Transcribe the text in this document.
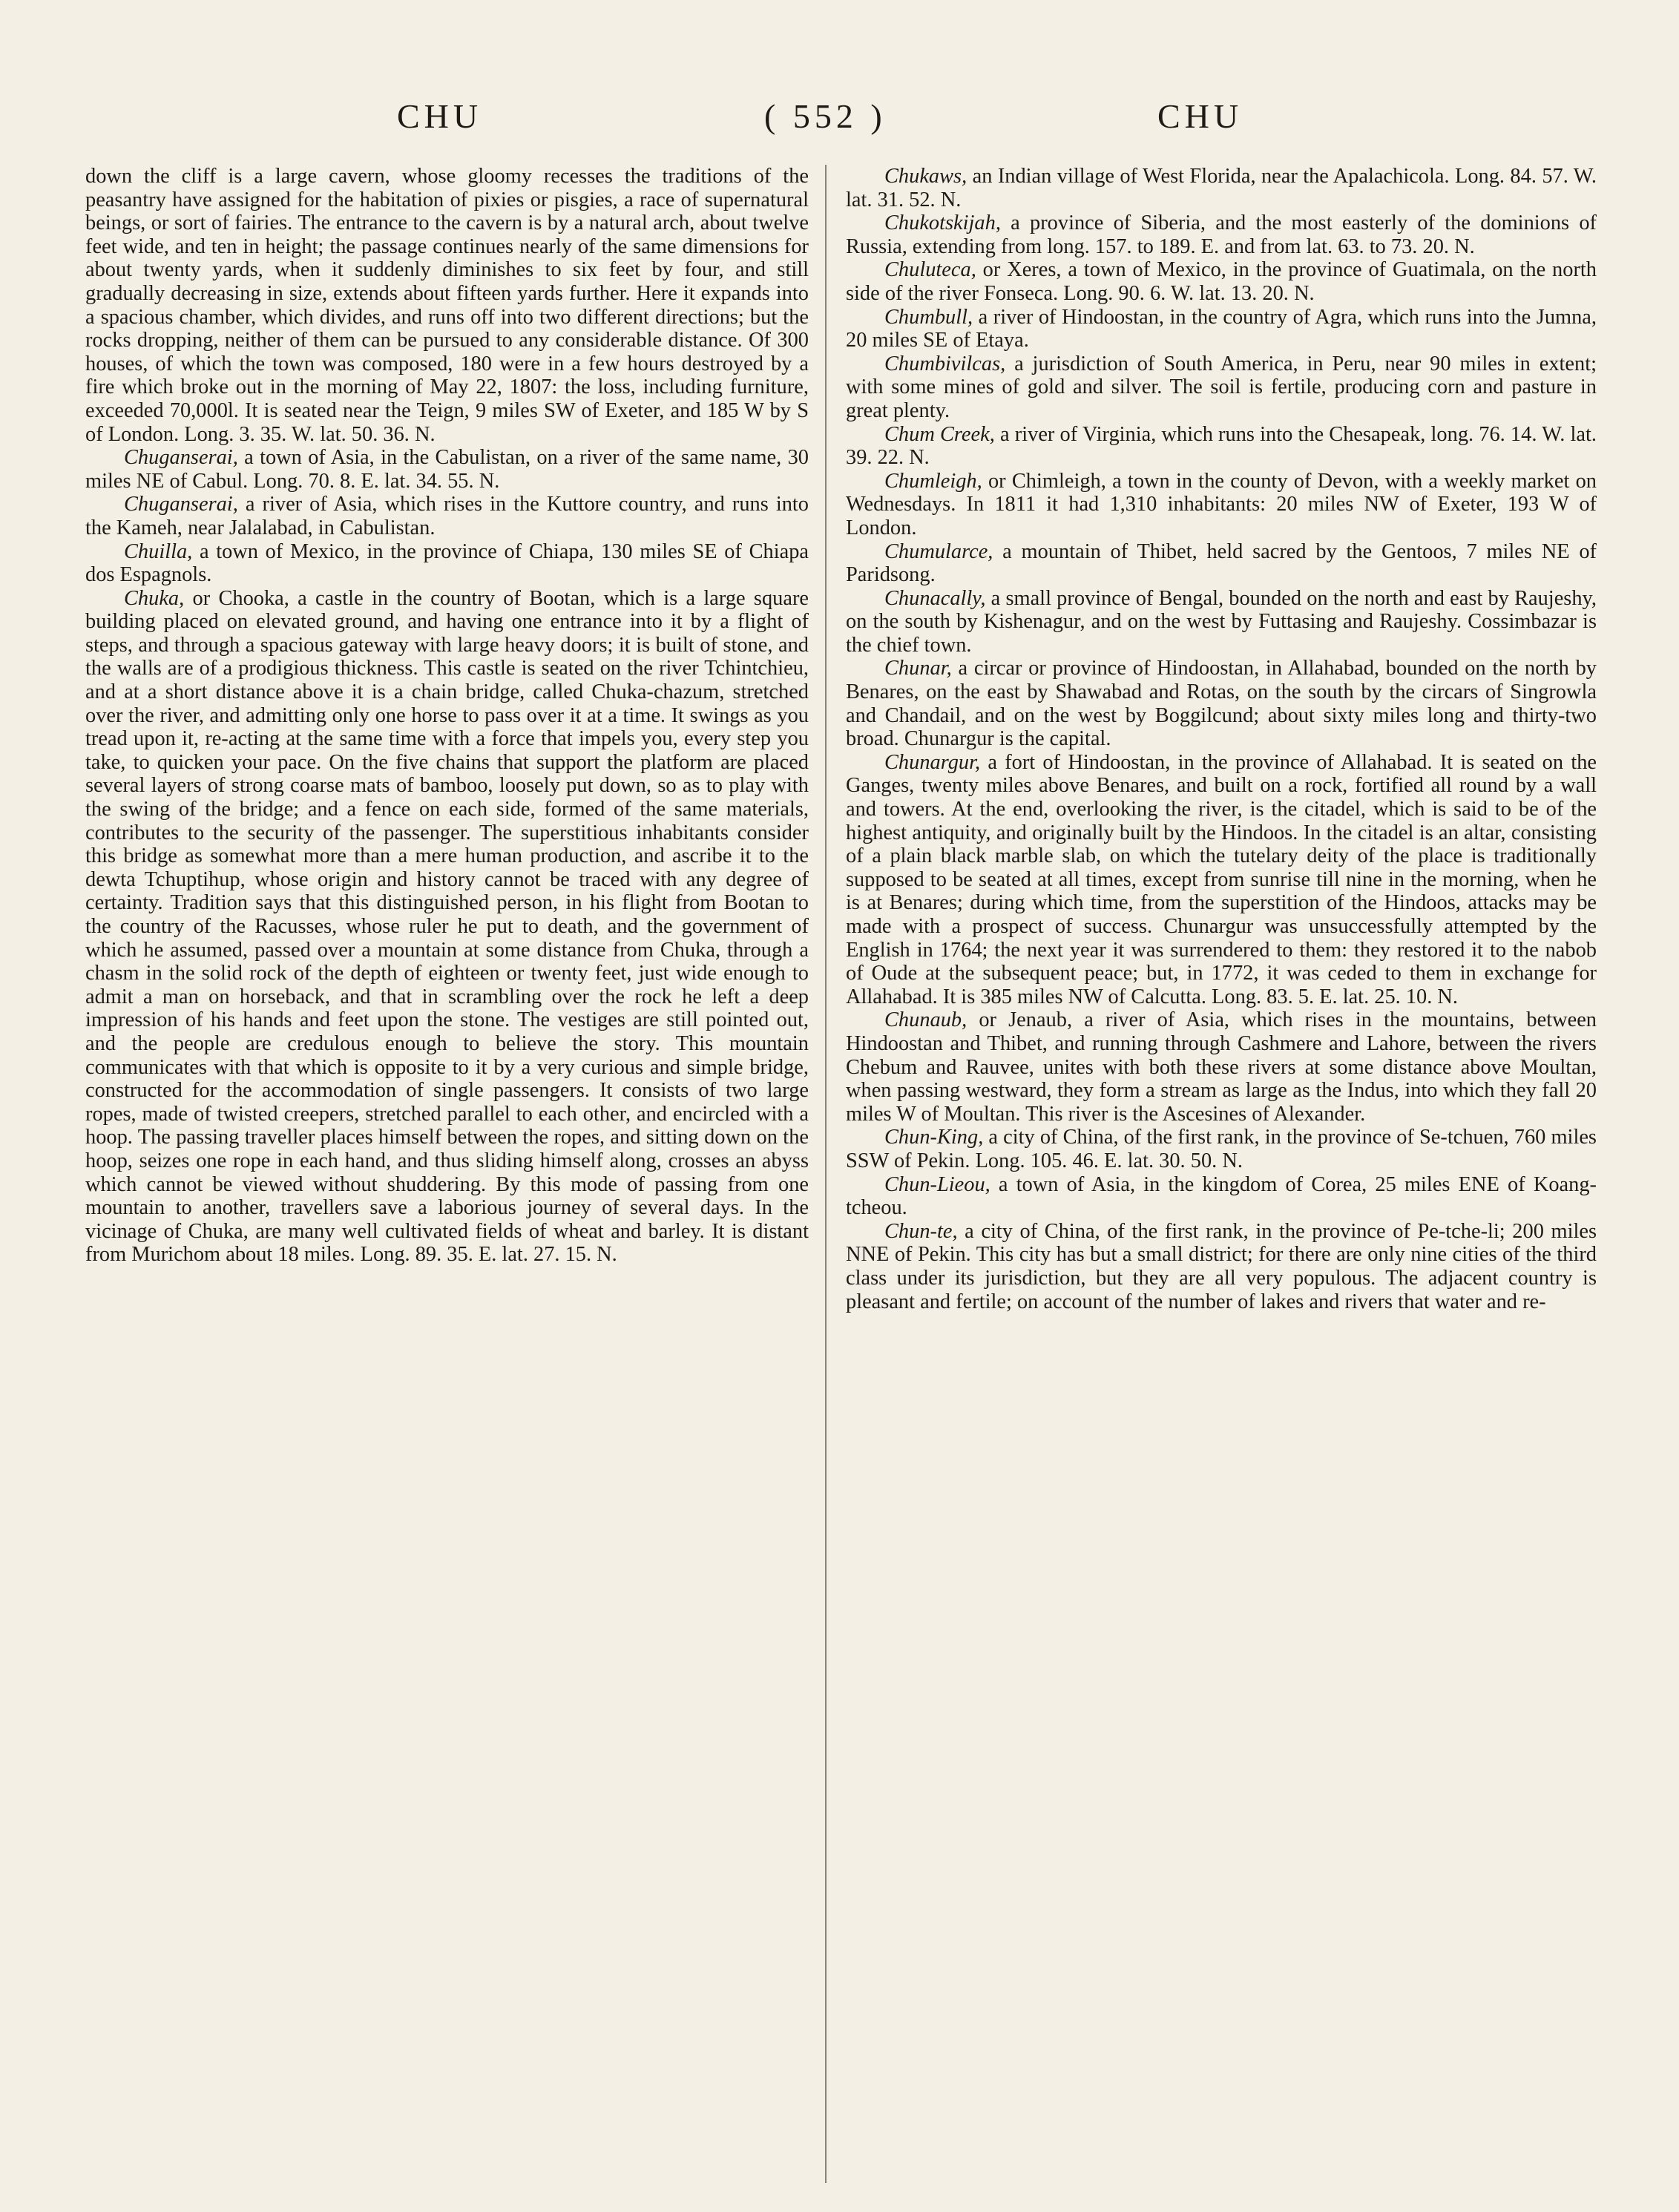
CHU	( 552 )	CHU

down the cliff is a large cavern, whose gloomy recesses the traditions of the peasantry have assigned for the habitation of pixies or pisgies, a race of supernatural beings, or sort of fairies. The entrance to the cavern is by a natural arch, about twelve feet wide, and ten in height; the passage continues nearly of the same dimensions for about twenty yards, when it suddenly diminishes to six feet by four, and still gradually decreasing in size, extends about fifteen yards further. Here it expands into a spacious chamber, which divides, and runs off into two different directions; but the rocks dropping, neither of them can be pursued to any considerable distance. Of 300 houses, of which the town was composed, 180 were in a few hours destroyed by a fire which broke out in the morning of May 22, 1807: the loss, including furniture, exceeded 70,000l. It is seated near the Teign, 9 miles SW of Exeter, and 185 W by S of London. Long. 3. 35. W. lat. 50. 36. N.

Chuganserai, a town of Asia, in the Cabulistan, on a river of the same name, 30 miles NE of Cabul. Long. 70. 8. E. lat. 34. 55. N.

Chuganserai, a river of Asia, which rises in the Kuttore country, and runs into the Kameh, near Jalalabad, in Cabulistan.

Chuilla, a town of Mexico, in the province of Chiapa, 130 miles SE of Chiapa dos Espagnols.

Chuka, or Chooka, a castle in the country of Bootan, which is a large square building placed on elevated ground, and having one entrance into it by a flight of steps, and through a spacious gateway with large heavy doors; it is built of stone, and the walls are of a prodigious thickness. This castle is seated on the river Tchintchieu, and at a short distance above it is a chain bridge, called Chuka-chazum, stretched over the river, and admitting only one horse to pass over it at a time. It swings as you tread upon it, re-acting at the same time with a force that impels you, every step you take, to quicken your pace. On the five chains that support the platform are placed several layers of strong coarse mats of bamboo, loosely put down, so as to play with the swing of the bridge; and a fence on each side, formed of the same materials, contributes to the security of the passenger. The superstitious inhabitants consider this bridge as somewhat more than a mere human production, and ascribe it to the dewta Tchuptihup, whose origin and history cannot be traced with any degree of certainty. Tradition says that this distinguished person, in his flight from Bootan to the country of the Racusses, whose ruler he put to death, and the government of which he assumed, passed over a mountain at some distance from Chuka, through a chasm in the solid rock of the depth of eighteen or twenty feet, just wide enough to admit a man on horseback, and that in scrambling over the rock he left a deep impression of his hands and feet upon the stone. The vestiges are still pointed out, and the people are credulous enough to believe the story. This mountain communicates with that which is opposite to it by a very curious and simple bridge, constructed for the accommodation of single passengers. It consists of two large ropes, made of twisted creepers, stretched parallel to each other, and encircled with a hoop. The passing traveller places himself between the ropes, and sitting down on the hoop, seizes one rope in each hand, and thus sliding himself along, crosses an abyss which cannot be viewed without shuddering. By this mode of passing from one mountain to another, travellers save a laborious journey of several days. In the vicinage of Chuka, are many well cultivated fields of wheat and barley. It is distant from Murichom about 18 miles. Long. 89. 35. E. lat. 27. 15. N.

Chukaws, an Indian village of West Florida, near the Apalachicola. Long. 84. 57. W. lat. 31. 52. N.

Chukotskijah, a province of Siberia, and the most easterly of the dominions of Russia, extending from long. 157. to 189. E. and from lat. 63. to 73. 20. N.

Chuluteca, or Xeres, a town of Mexico, in the province of Guatimala, on the north side of the river Fonseca. Long. 90. 6. W. lat. 13. 20. N.

Chumbull, a river of Hindoostan, in the country of Agra, which runs into the Jumna, 20 miles SE of Etaya.

Chumbivilcas, a jurisdiction of South America, in Peru, near 90 miles in extent; with some mines of gold and silver. The soil is fertile, producing corn and pasture in great plenty.

Chum Creek, a river of Virginia, which runs into the Chesapeak, long. 76. 14. W. lat. 39. 22. N.

Chumleigh, or Chimleigh, a town in the county of Devon, with a weekly market on Wednesdays. In 1811 it had 1,310 inhabitants: 20 miles NW of Exeter, 193 W of London.

Chumularce, a mountain of Thibet, held sacred by the Gentoos, 7 miles NE of Paridsong.

Chunacally, a small province of Bengal, bounded on the north and east by Raujeshy, on the south by Kishenagur, and on the west by Futtasing and Raujeshy. Cossimbazar is the chief town.

Chunar, a circar or province of Hindoostan, in Allahabad, bounded on the north by Benares, on the east by Shawabad and Rotas, on the south by the circars of Singrowla and Chandail, and on the west by Boggilcund; about sixty miles long and thirty-two broad. Chunargur is the capital.

Chunargur, a fort of Hindoostan, in the province of Allahabad. It is seated on the Ganges, twenty miles above Benares, and built on a rock, fortified all round by a wall and towers. At the end, overlooking the river, is the citadel, which is said to be of the highest antiquity, and originally built by the Hindoos. In the citadel is an altar, consisting of a plain black marble slab, on which the tutelary deity of the place is traditionally supposed to be seated at all times, except from sunrise till nine in the morning, when he is at Benares; during which time, from the superstition of the Hindoos, attacks may be made with a prospect of success. Chunargur was unsuccessfully attempted by the English in 1764; the next year it was surrendered to them: they restored it to the nabob of Oude at the subsequent peace; but, in 1772, it was ceded to them in exchange for Allahabad. It is 385 miles NW of Calcutta. Long. 83. 5. E. lat. 25. 10. N.

Chunaub, or Jenaub, a river of Asia, which rises in the mountains, between Hindoostan and Thibet, and running through Cashmere and Lahore, between the rivers Chebum and Rauvee, unites with both these rivers at some distance above Moultan, when passing westward, they form a stream as large as the Indus, into which they fall 20 miles W of Moultan. This river is the Ascesines of Alexander.

Chun-King, a city of China, of the first rank, in the province of Se-tchuen, 760 miles SSW of Pekin. Long. 105. 46. E. lat. 30. 50. N.

Chun-Lieou, a town of Asia, in the kingdom of Corea, 25 miles ENE of Koang-tcheou.

Chun-te, a city of China, of the first rank, in the province of Pe-tche-li; 200 miles NNE of Pekin. This city has but a small district; for there are only nine cities of the third class under its jurisdiction, but they are all very populous. The adjacent country is pleasant and fertile; on account of the number of lakes and rivers that water and re-
